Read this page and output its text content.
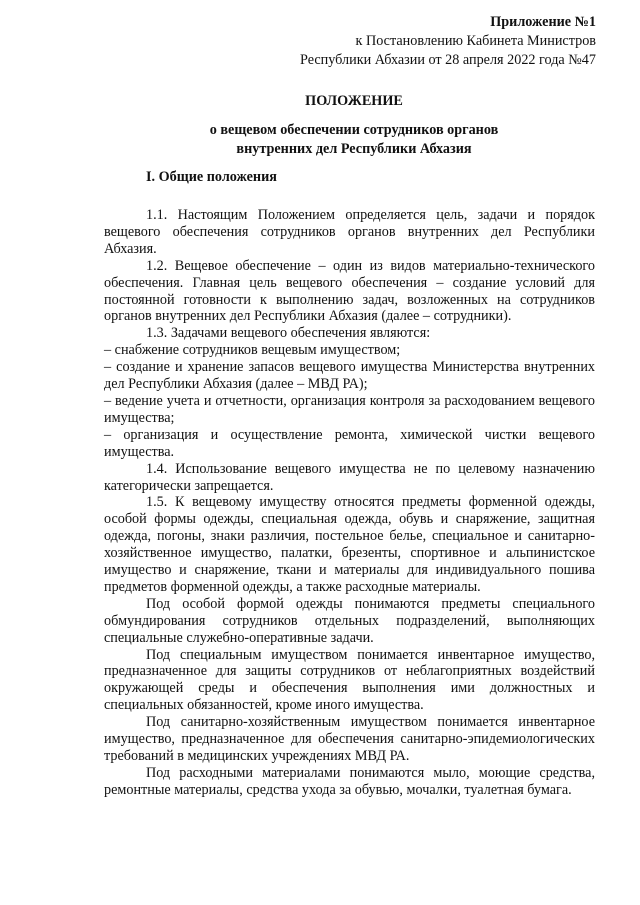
Приложение №1
к Постановлению Кабинета Министров
Республики Абхазии от 28 апреля 2022 года №47
ПОЛОЖЕНИЕ
о вещевом обеспечении сотрудников органов
внутренних дел Республики Абхазия
I. Общие положения

1.1. Настоящим Положением определяется цель, задачи и порядок вещевого обеспечения сотрудников органов внутренних дел Республики Абхазия.

1.2. Вещевое обеспечение – один из видов материально-технического обеспечения. Главная цель вещевого обеспечения – создание условий для постоянной готовности к выполнению задач, возложенных на сотрудников органов внутренних дел Республики Абхазия (далее – сотрудники).

1.3. Задачами вещевого обеспечения являются:

– снабжение сотрудников вещевым имуществом;

– создание и хранение запасов вещевого имущества Министерства внутренних дел Республики Абхазия (далее – МВД РА);

– ведение учета и отчетности, организация контроля за расходованием вещевого имущества;

– организация и осуществление ремонта, химической чистки вещевого имущества.

1.4. Использование вещевого имущества не по целевому назначению категорически запрещается.

1.5. К вещевому имуществу относятся предметы форменной одежды, особой формы одежды, специальная одежда, обувь и снаряжение, защитная одежда, погоны, знаки различия, постельное белье, специальное и санитарно-хозяйственное имущество, палатки, брезенты, спортивное и альпинистское имущество и снаряжение, ткани и материалы для индивидуального пошива предметов форменной одежды, а также расходные материалы.

Под особой формой одежды понимаются предметы специального обмундирования сотрудников отдельных подразделений, выполняющих специальные служебно-оперативные задачи.

Под специальным имуществом понимается инвентарное имущество, предназначенное для защиты сотрудников от неблагоприятных воздействий окружающей среды и обеспечения выполнения ими должностных и специальных обязанностей, кроме иного имущества.

Под санитарно-хозяйственным имуществом понимается инвентарное имущество, предназначенное для обеспечения санитарно-эпидемиологических требований в медицинских учреждениях МВД РА.

Под расходными материалами понимаются мыло, моющие средства, ремонтные материалы, средства ухода за обувью, мочалки, туалетная бумага.
